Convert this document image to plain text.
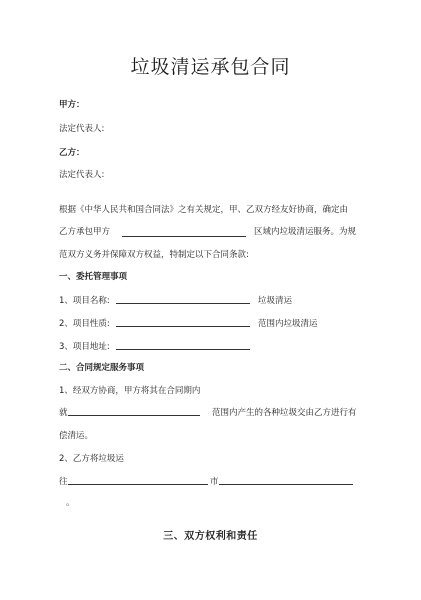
垃圾清运承包合同
甲方：
法定代表人:
乙方：
法定代表人:
根据《中华人民共和国合同法》之有关规定，甲、乙双方经友好协商，确定由
乙方承包甲方	区域内垃圾清运服务。为规
范双方义务并保障双方权益，特制定以下合同条款:
一、委托管理事项
1、项目名称:	垃圾清运
2、项目性质:	范围内垃圾清运
3、项目地址:
二、合同规定服务事项
1、经双方协商，甲方将其在合同期内
就	范围内产生的各种垃圾交由乙方进行有
偿清运。
2、乙方将垃圾运
往	市
。
三、双方权利和责任
